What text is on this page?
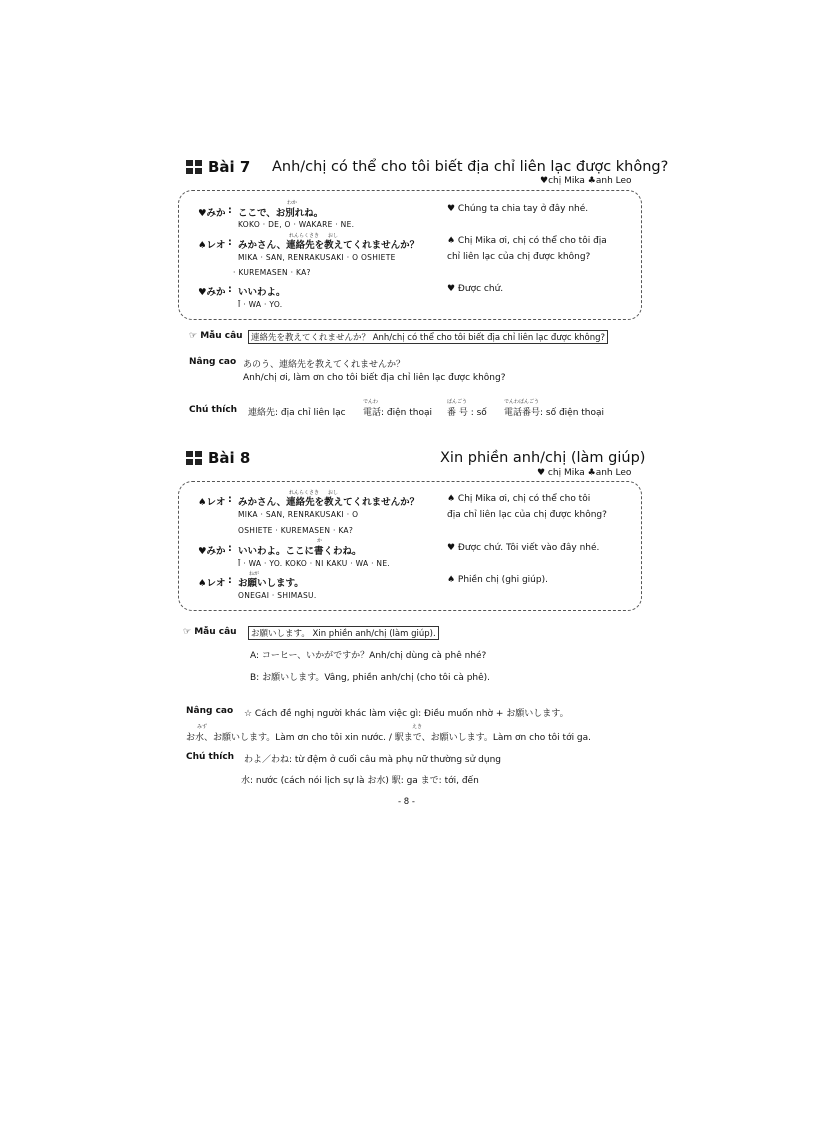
Bài 7 Anh/chị có thể cho tôi biết địa chỉ liên lạc được không?
♥chị Mika ♣anh Leo
わか
♥みか : ここで、お別れね。
KOKO · DE, O · WAKARE · NE.
♥ Chúng ta chia tay ở đây nhé.
れんらくさき おし
♠レオ : みかさん、連絡先を教えてくれませんか？
MIKA · SAN, RENRAKUSAKI · O OSHIETE
· KUREMASEN · KA?
♠ Chị Mika ơi, chị có thể cho tôi địa
chỉ liên lạc của chị được không?
♥みか : いいわよ。
Ī · WA · YO.
♥ Được chứ.
☞ Mẫu câu 連絡先を教えてくれませんか？ Anh/chị có thể cho tôi biết địa chỉ liên lạc được không?
Nâng cao あのう、連絡先を教えてくれませんか？
Anh/chị ơi, làm ơn cho tôi biết địa chỉ liên lạc được không?
でんわ	ばんごう	でんわばんごう
Chú thích 連絡先: địa chỉ liên lạc 電話: điện thoại 番 号 : số 電話番号: số điện thoại
Bài 8	Xin phiền anh/chị (làm giúp)
♥ chị Mika ♣anh Leo
れんらくさき おし
♠レオ : みかさん、連絡先を教えてくれませんか？
MIKA · SAN, RENRAKUSAKI · O
OSHIETE · KUREMASEN · KA?
♠ Chị Mika ơi, chị có thể cho tôi
địa chỉ liên lạc của chị được không?
か
♥みか : いいわよ。ここに書くわね。
Ī · WA · YO. KOKO · NI KAKU · WA · NE.
♥ Được chứ. Tôi viết vào đây nhé.
ねが
♠レオ : お願いします。
ONEGAI · SHIMASU.
♠ Phiền chị (ghi giúp).
☞ Mẫu câu	お願いします。 Xin phiền anh/chị (làm giúp).
A: コーヒー、いかがですか？Anh/chị dùng cà phê nhé?
B: お願いします。Vâng, phiền anh/chị (cho tôi cà phê).
Nâng cao ☆ Cách đề nghị người khác làm việc gì: Điều muốn nhờ + お願いします。
みず	えき
お水、お願いします。Làm ơn cho tôi xin nước. / 駅まで、お願いします。Làm ơn cho tôi tới ga.
Chú thích わよ／わね: từ đệm ở cuối câu mà phụ nữ thường sử dụng
水: nước (cách nói lịch sự là お水) 駅: ga まで: tới, đến
- 8 -
